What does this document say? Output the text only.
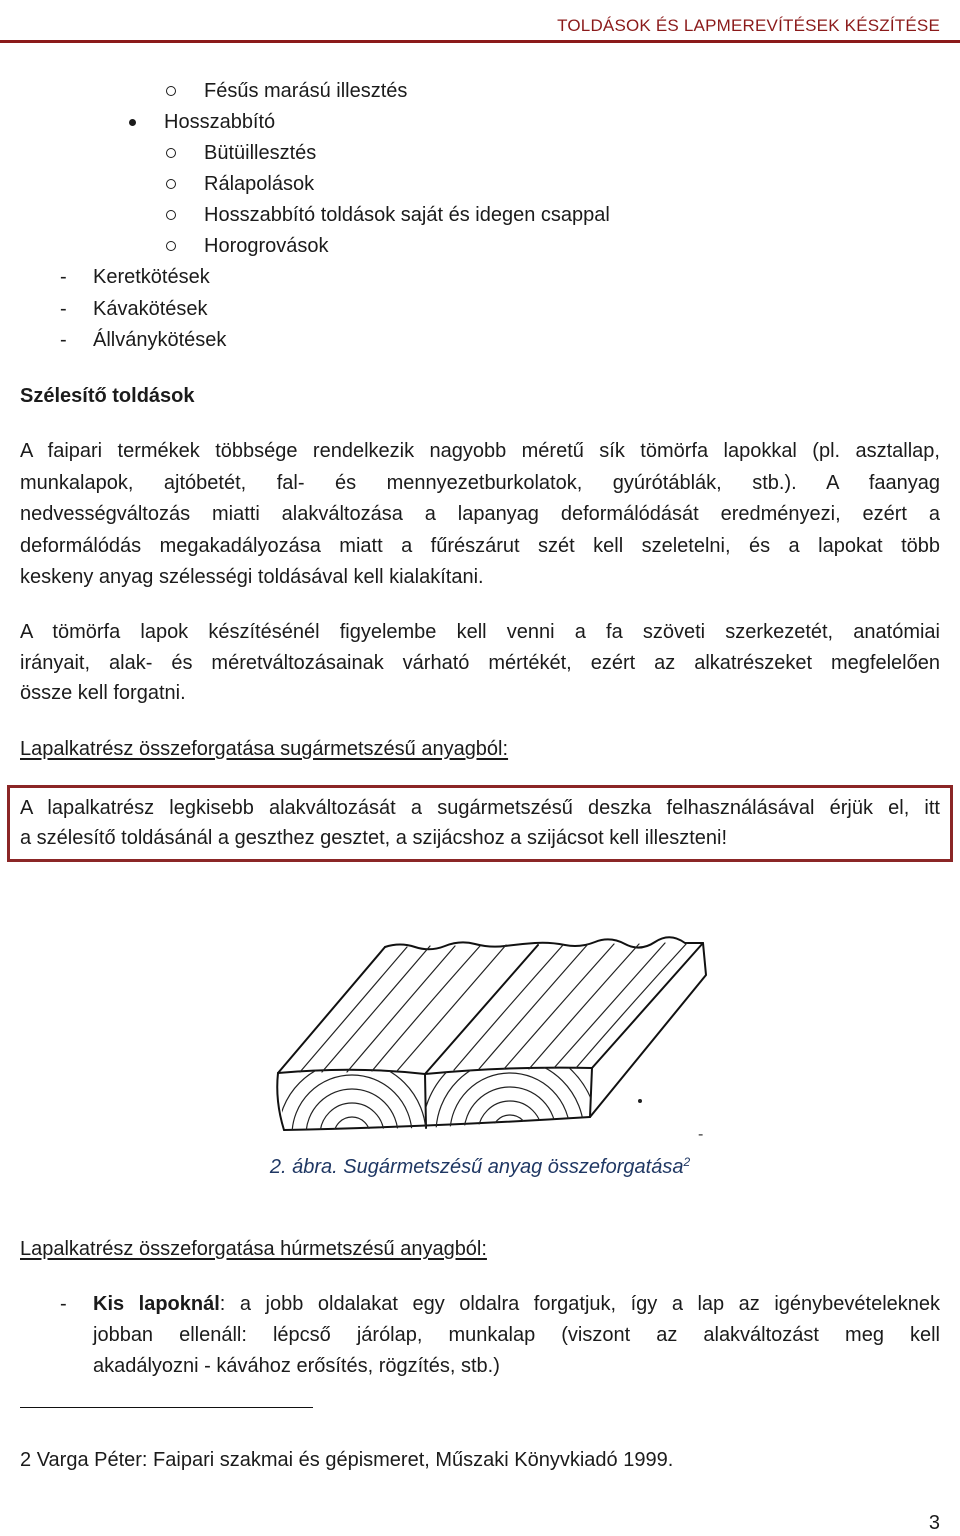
TOLDÁSOK ÉS LAPMEREVÍTÉSEK KÉSZÍTÉSE
Fésűs marású illesztés
Hosszabbító
Bütüillesztés
Rálapolások
Hosszabbító toldások saját és idegen csappal
Horogrovások
- Keretkötések
- Kávakötések
- Állványkötések
Szélesítő toldások
A faipari termékek többsége rendelkezik nagyobb méretű sík tömörfa lapokkal (pl. asztallap,
munkalapok, ajtóbetét, fal- és mennyezetburkolatok, gyúrótáblák, stb.). A faanyag
nedvességváltozás miatti alakváltozása a lapanyag deformálódását eredményezi, ezért a
deformálódás megakadályozása miatt a fűrészárut szét kell szeletelni, és a lapokat több
keskeny anyag szélességi toldásával kell kialakítani.
A tömörfa lapok készítésénél figyelembe kell venni a fa szöveti szerkezetét, anatómiai
irányait, alak- és méretváltozásainak várható mértékét, ezért az alkatrészeket megfelelően
össze kell forgatni.
Lapalkatrész összeforgatása sugármetszésű anyagból:
A lapalkatrész legkisebb alakváltozását a sugármetszésű deszka felhasználásával érjük el, itt
a szélesítő toldásánál a geszthez gesztet, a szijácshoz a szijácsot kell illeszteni!
-
2. ábra. Sugármetszésű anyag összeforgatása$^2$
Lapalkatrész összeforgatása húrmetszésű anyagból:
- Kis lapoknál: a jobb oldalakat egy oldalra forgatjuk, így a lap az igénybevételeknek
jobban ellenáll: lépcső járólap, munkalap (viszont az alakváltozást meg kell
akadályozni - kávához erősítés, rögzítés, stb.)
2 Varga Péter: Faipari szakmai és gépismeret, Műszaki Könyvkiadó 1999.
3
